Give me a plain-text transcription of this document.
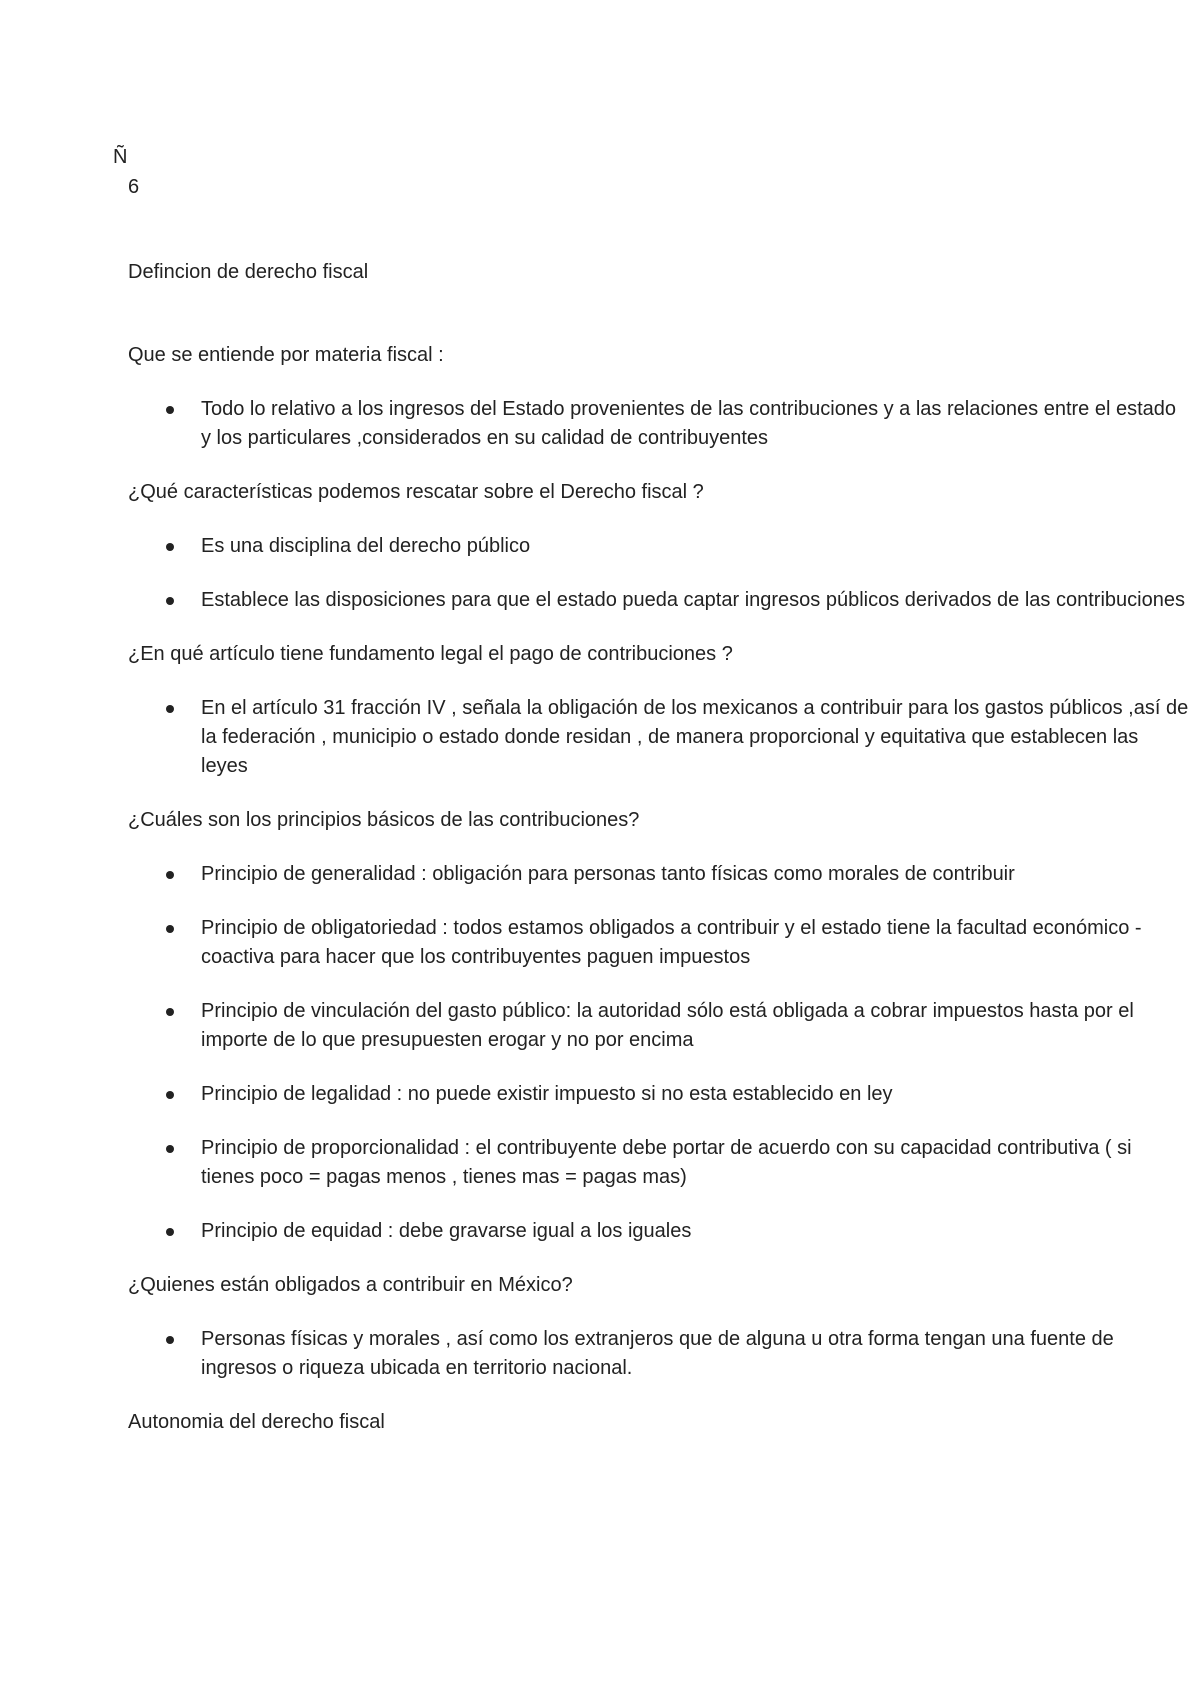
Ñ
6
Defincion de derecho fiscal
Que se entiende por materia fiscal :
Todo lo relativo a los ingresos del Estado provenientes de las contribuciones y a las relaciones entre el estado y los particulares ,considerados en su calidad de contribuyentes
¿Qué características podemos rescatar sobre el Derecho fiscal ?
Es una disciplina del derecho público
Establece las disposiciones para que el estado pueda captar ingresos públicos derivados de las contribuciones
¿En qué artículo tiene fundamento legal el pago de contribuciones ?
En el artículo 31 fracción IV , señala la obligación de los mexicanos a contribuir para los gastos públicos ,así de la federación , municipio o estado donde residan , de manera proporcional y equitativa que establecen las leyes
¿Cuáles son los principios básicos de las contribuciones?
Principio de generalidad : obligación para personas tanto físicas como morales de contribuir
Principio de obligatoriedad : todos estamos obligados a contribuir y el estado tiene la facultad económico -coactiva para hacer que los contribuyentes paguen impuestos
Principio de vinculación del gasto público: la autoridad sólo está obligada a cobrar impuestos hasta por el importe de lo que presupuesten erogar y no por encima
Principio de legalidad : no puede existir impuesto si no esta establecido en ley
Principio de proporcionalidad : el contribuyente debe portar de acuerdo con su capacidad contributiva ( si tienes poco = pagas menos , tienes mas = pagas mas)
Principio de equidad : debe gravarse igual a los iguales
¿Quienes están obligados a contribuir en México?
Personas físicas y morales , así como los extranjeros que de alguna u otra forma tengan una fuente de ingresos o riqueza ubicada en territorio nacional.
Autonomia del derecho fiscal
